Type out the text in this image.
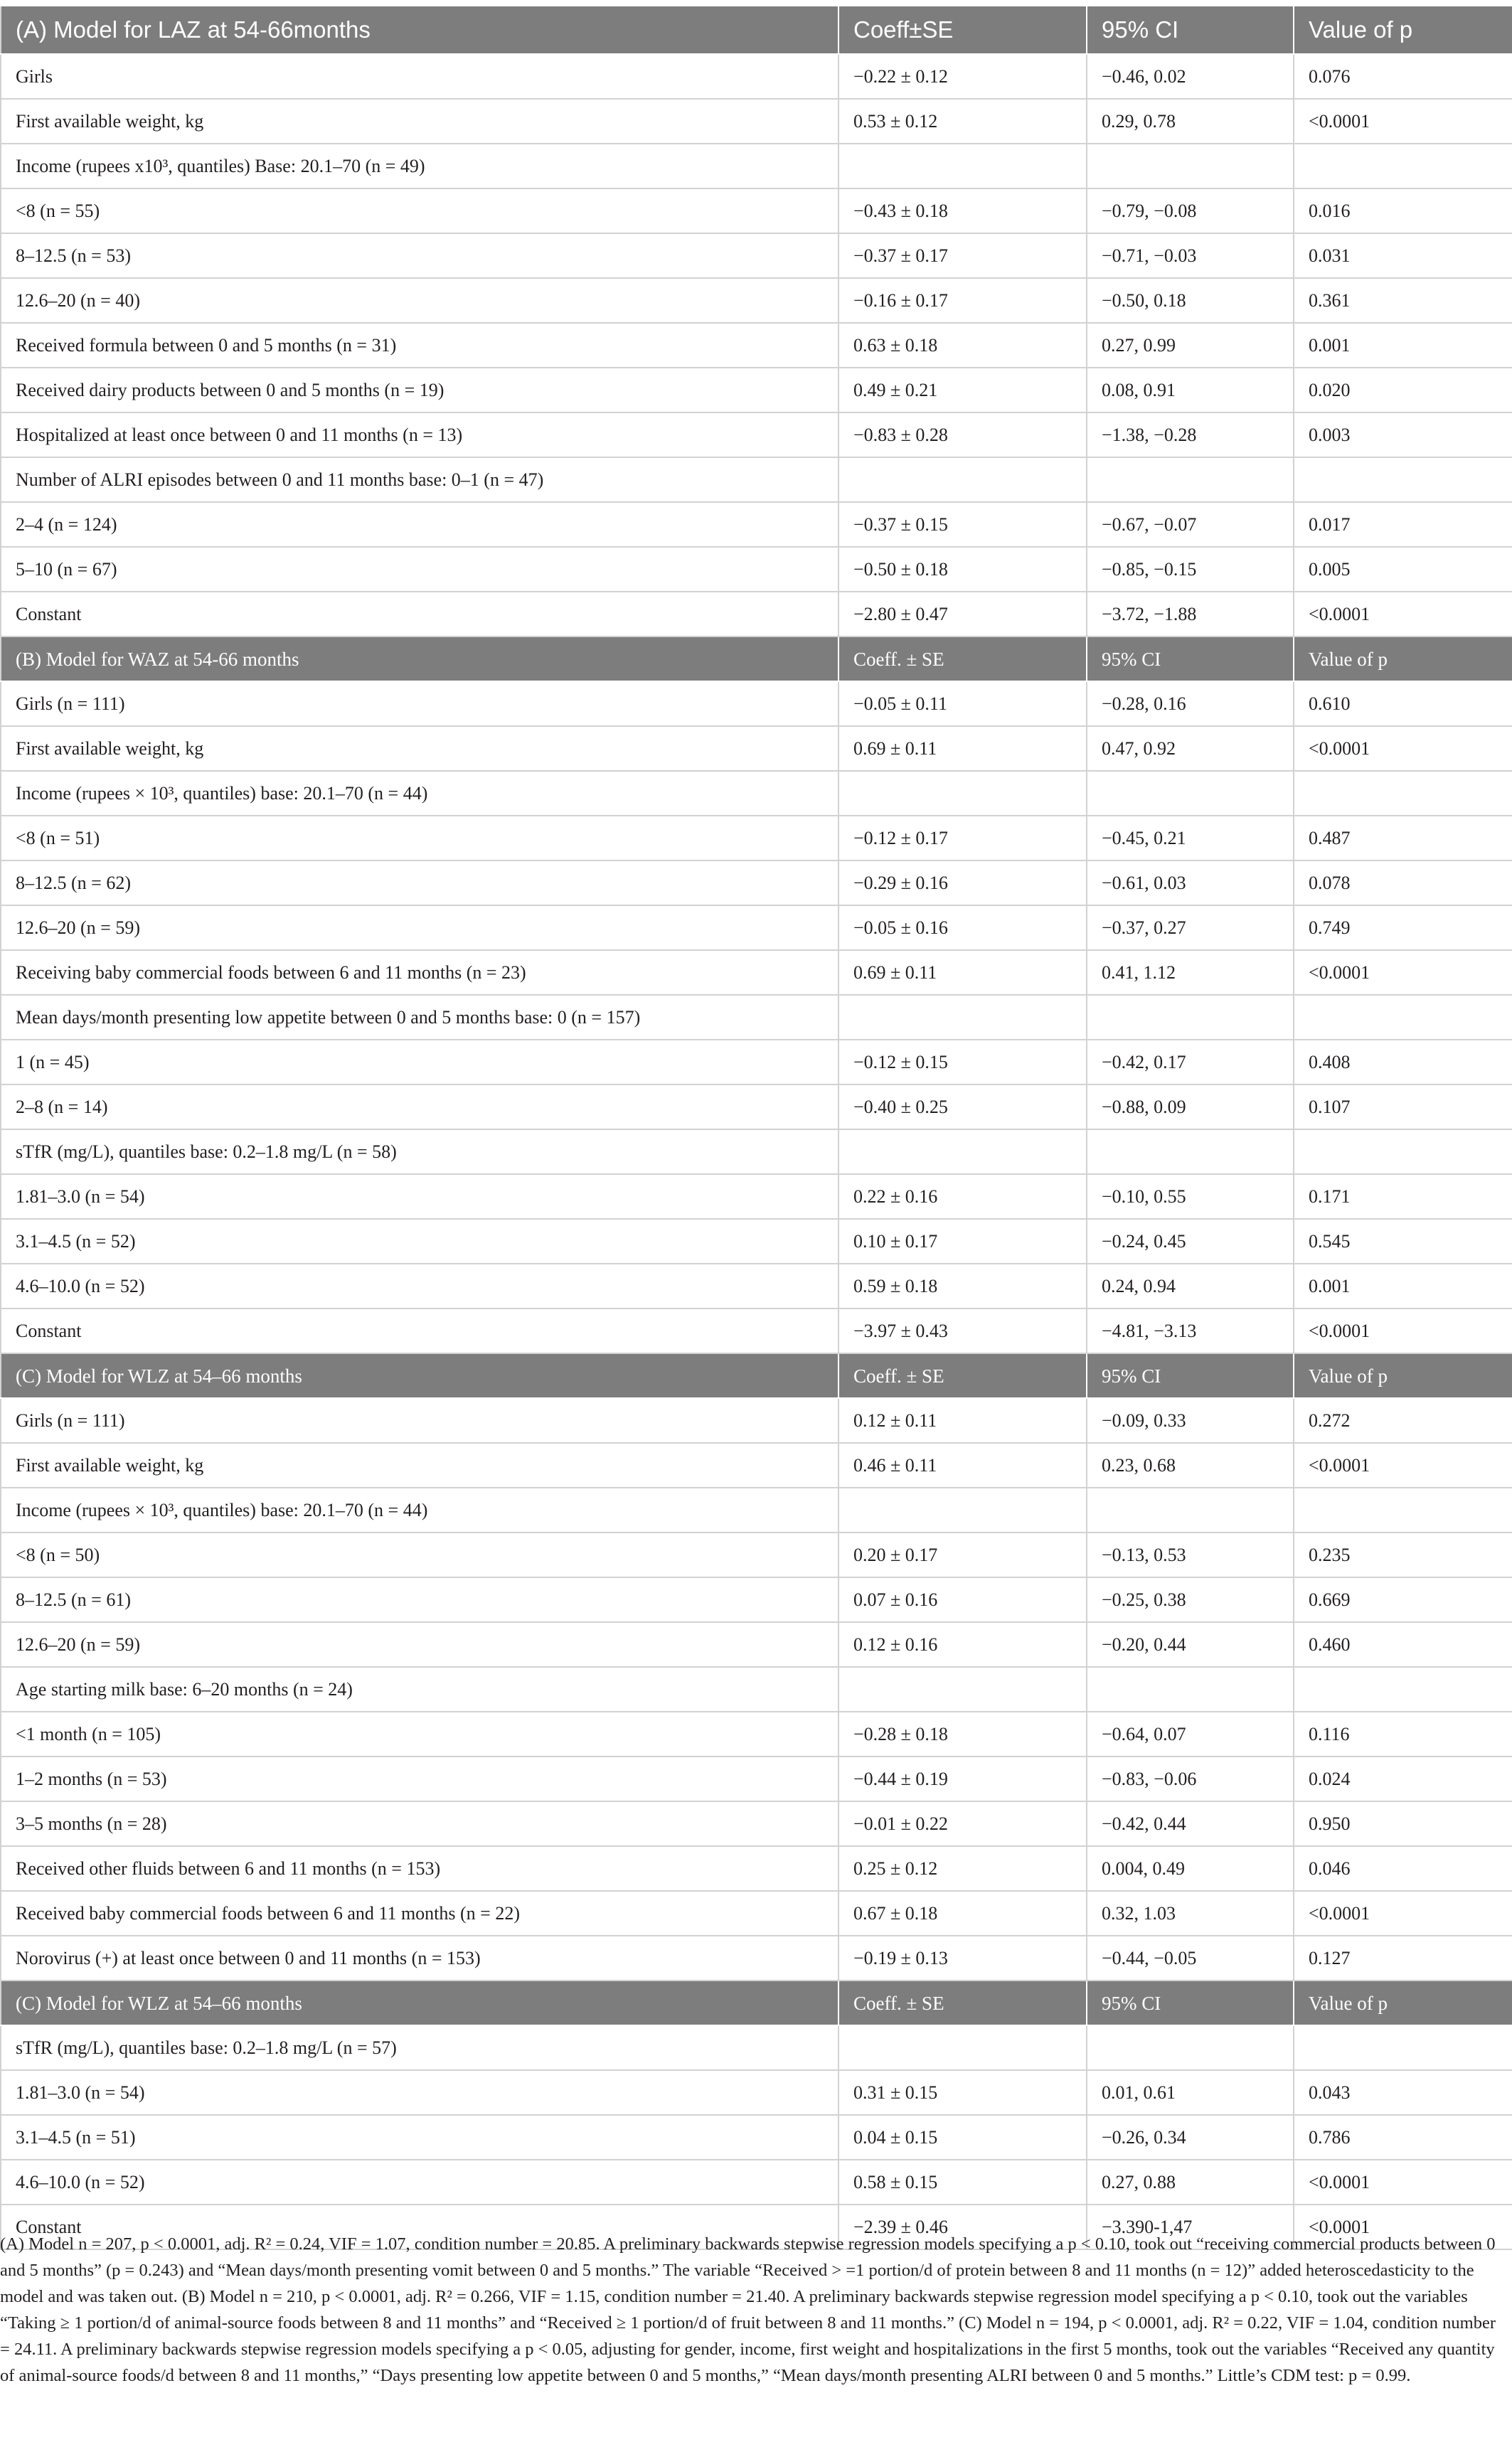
(A) Model for LAZ at 54-66months	Coeff±SE	95% CI	Value of p
Girls	−0.22 ± 0.12	−0.46, 0.02	0.076
First available weight, kg	0.53 ± 0.12	0.29, 0.78	<0.0001
Income (rupees x10³, quantiles) Base: 20.1–70 (n = 49)			
<8 (n = 55)	−0.43 ± 0.18	−0.79, −0.08	0.016
8–12.5 (n = 53)	−0.37 ± 0.17	−0.71, −0.03	0.031
12.6–20 (n = 40)	−0.16 ± 0.17	−0.50, 0.18	0.361
Received formula between 0 and 5 months (n = 31)	0.63 ± 0.18	0.27, 0.99	0.001
Received dairy products between 0 and 5 months (n = 19)	0.49 ± 0.21	0.08, 0.91	0.020
Hospitalized at least once between 0 and 11 months (n = 13)	−0.83 ± 0.28	−1.38, −0.28	0.003
Number of ALRI episodes between 0 and 11 months base: 0–1 (n = 47)			
2–4 (n = 124)	−0.37 ± 0.15	−0.67, −0.07	0.017
5–10 (n = 67)	−0.50 ± 0.18	−0.85, −0.15	0.005
Constant	−2.80 ± 0.47	−3.72, −1.88	<0.0001
(B) Model for WAZ at 54-66 months	Coeff. ± SE	95% CI	Value of p
Girls (n = 111)	−0.05 ± 0.11	−0.28, 0.16	0.610
First available weight, kg	0.69 ± 0.11	0.47, 0.92	<0.0001
Income (rupees × 10³, quantiles) base: 20.1–70 (n = 44)			
<8 (n = 51)	−0.12 ± 0.17	−0.45, 0.21	0.487
8–12.5 (n = 62)	−0.29 ± 0.16	−0.61, 0.03	0.078
12.6–20 (n = 59)	−0.05 ± 0.16	−0.37, 0.27	0.749
Receiving baby commercial foods between 6 and 11 months (n = 23)	0.69 ± 0.11	0.41, 1.12	<0.0001
Mean days/month presenting low appetite between 0 and 5 months base: 0 (n = 157)			
1 (n = 45)	−0.12 ± 0.15	−0.42, 0.17	0.408
2–8 (n = 14)	−0.40 ± 0.25	−0.88, 0.09	0.107
sTfR (mg/L), quantiles base: 0.2–1.8 mg/L (n = 58)			
1.81–3.0 (n = 54)	0.22 ± 0.16	−0.10, 0.55	0.171
3.1–4.5 (n = 52)	0.10 ± 0.17	−0.24, 0.45	0.545
4.6–10.0 (n = 52)	0.59 ± 0.18	0.24, 0.94	0.001
Constant	−3.97 ± 0.43	−4.81, −3.13	<0.0001
(C) Model for WLZ at 54–66 months	Coeff. ± SE	95% CI	Value of p
Girls (n = 111)	0.12 ± 0.11	−0.09, 0.33	0.272
First available weight, kg	0.46 ± 0.11	0.23, 0.68	<0.0001
Income (rupees × 10³, quantiles) base: 20.1–70 (n = 44)			
<8 (n = 50)	0.20 ± 0.17	−0.13, 0.53	0.235
8–12.5 (n = 61)	0.07 ± 0.16	−0.25, 0.38	0.669
12.6–20 (n = 59)	0.12 ± 0.16	−0.20, 0.44	0.460
Age starting milk base: 6–20 months (n = 24)			
<1 month (n = 105)	−0.28 ± 0.18	−0.64, 0.07	0.116
1–2 months (n = 53)	−0.44 ± 0.19	−0.83, −0.06	0.024
3–5 months (n = 28)	−0.01 ± 0.22	−0.42, 0.44	0.950
Received other fluids between 6 and 11 months (n = 153)	0.25 ± 0.12	0.004, 0.49	0.046
Received baby commercial foods between 6 and 11 months (n = 22)	0.67 ± 0.18	0.32, 1.03	<0.0001
Norovirus (+) at least once between 0 and 11 months (n = 153)	−0.19 ± 0.13	−0.44, −0.05	0.127
(C) Model for WLZ at 54–66 months	Coeff. ± SE	95% CI	Value of p
sTfR (mg/L), quantiles base: 0.2–1.8 mg/L (n = 57)			
1.81–3.0 (n = 54)	0.31 ± 0.15	0.01, 0.61	0.043
3.1–4.5 (n = 51)	0.04 ± 0.15	−0.26, 0.34	0.786
4.6–10.0 (n = 52)	0.58 ± 0.15	0.27, 0.88	<0.0001
Constant	−2.39 ± 0.46	−3.390-1,47	<0.0001
(A) Model n = 207, p < 0.0001, adj. R² = 0.24, VIF = 1.07, condition number = 20.85. A preliminary backwards stepwise regression models specifying a p < 0.10, took out “receiving commercial products between 0 and 5 months” (p = 0.243) and “Mean days/month presenting vomit between 0 and 5 months.” The variable “Received > =1 portion/d of protein between 8 and 11 months (n = 12)” added heteroscedasticity to the model and was taken out. (B) Model n = 210, p < 0.0001, adj. R² = 0.266, VIF = 1.15, condition number = 21.40. A preliminary backwards stepwise regression model specifying a p < 0.10, took out the variables “Taking ≥ 1 portion/d of animal-source foods between 8 and 11 months” and “Received ≥ 1 portion/d of fruit between 8 and 11 months.” (C) Model n = 194, p < 0.0001, adj. R² = 0.22, VIF = 1.04, condition number = 24.11. A preliminary backwards stepwise regression models specifying a p < 0.05, adjusting for gender, income, first weight and hospitalizations in the first 5 months, took out the variables “Received any quantity of animal-source foods/d between 8 and 11 months,” “Days presenting low appetite between 0 and 5 months,” “Mean days/month presenting ALRI between 0 and 5 months.” Little’s CDM test: p = 0.99.
